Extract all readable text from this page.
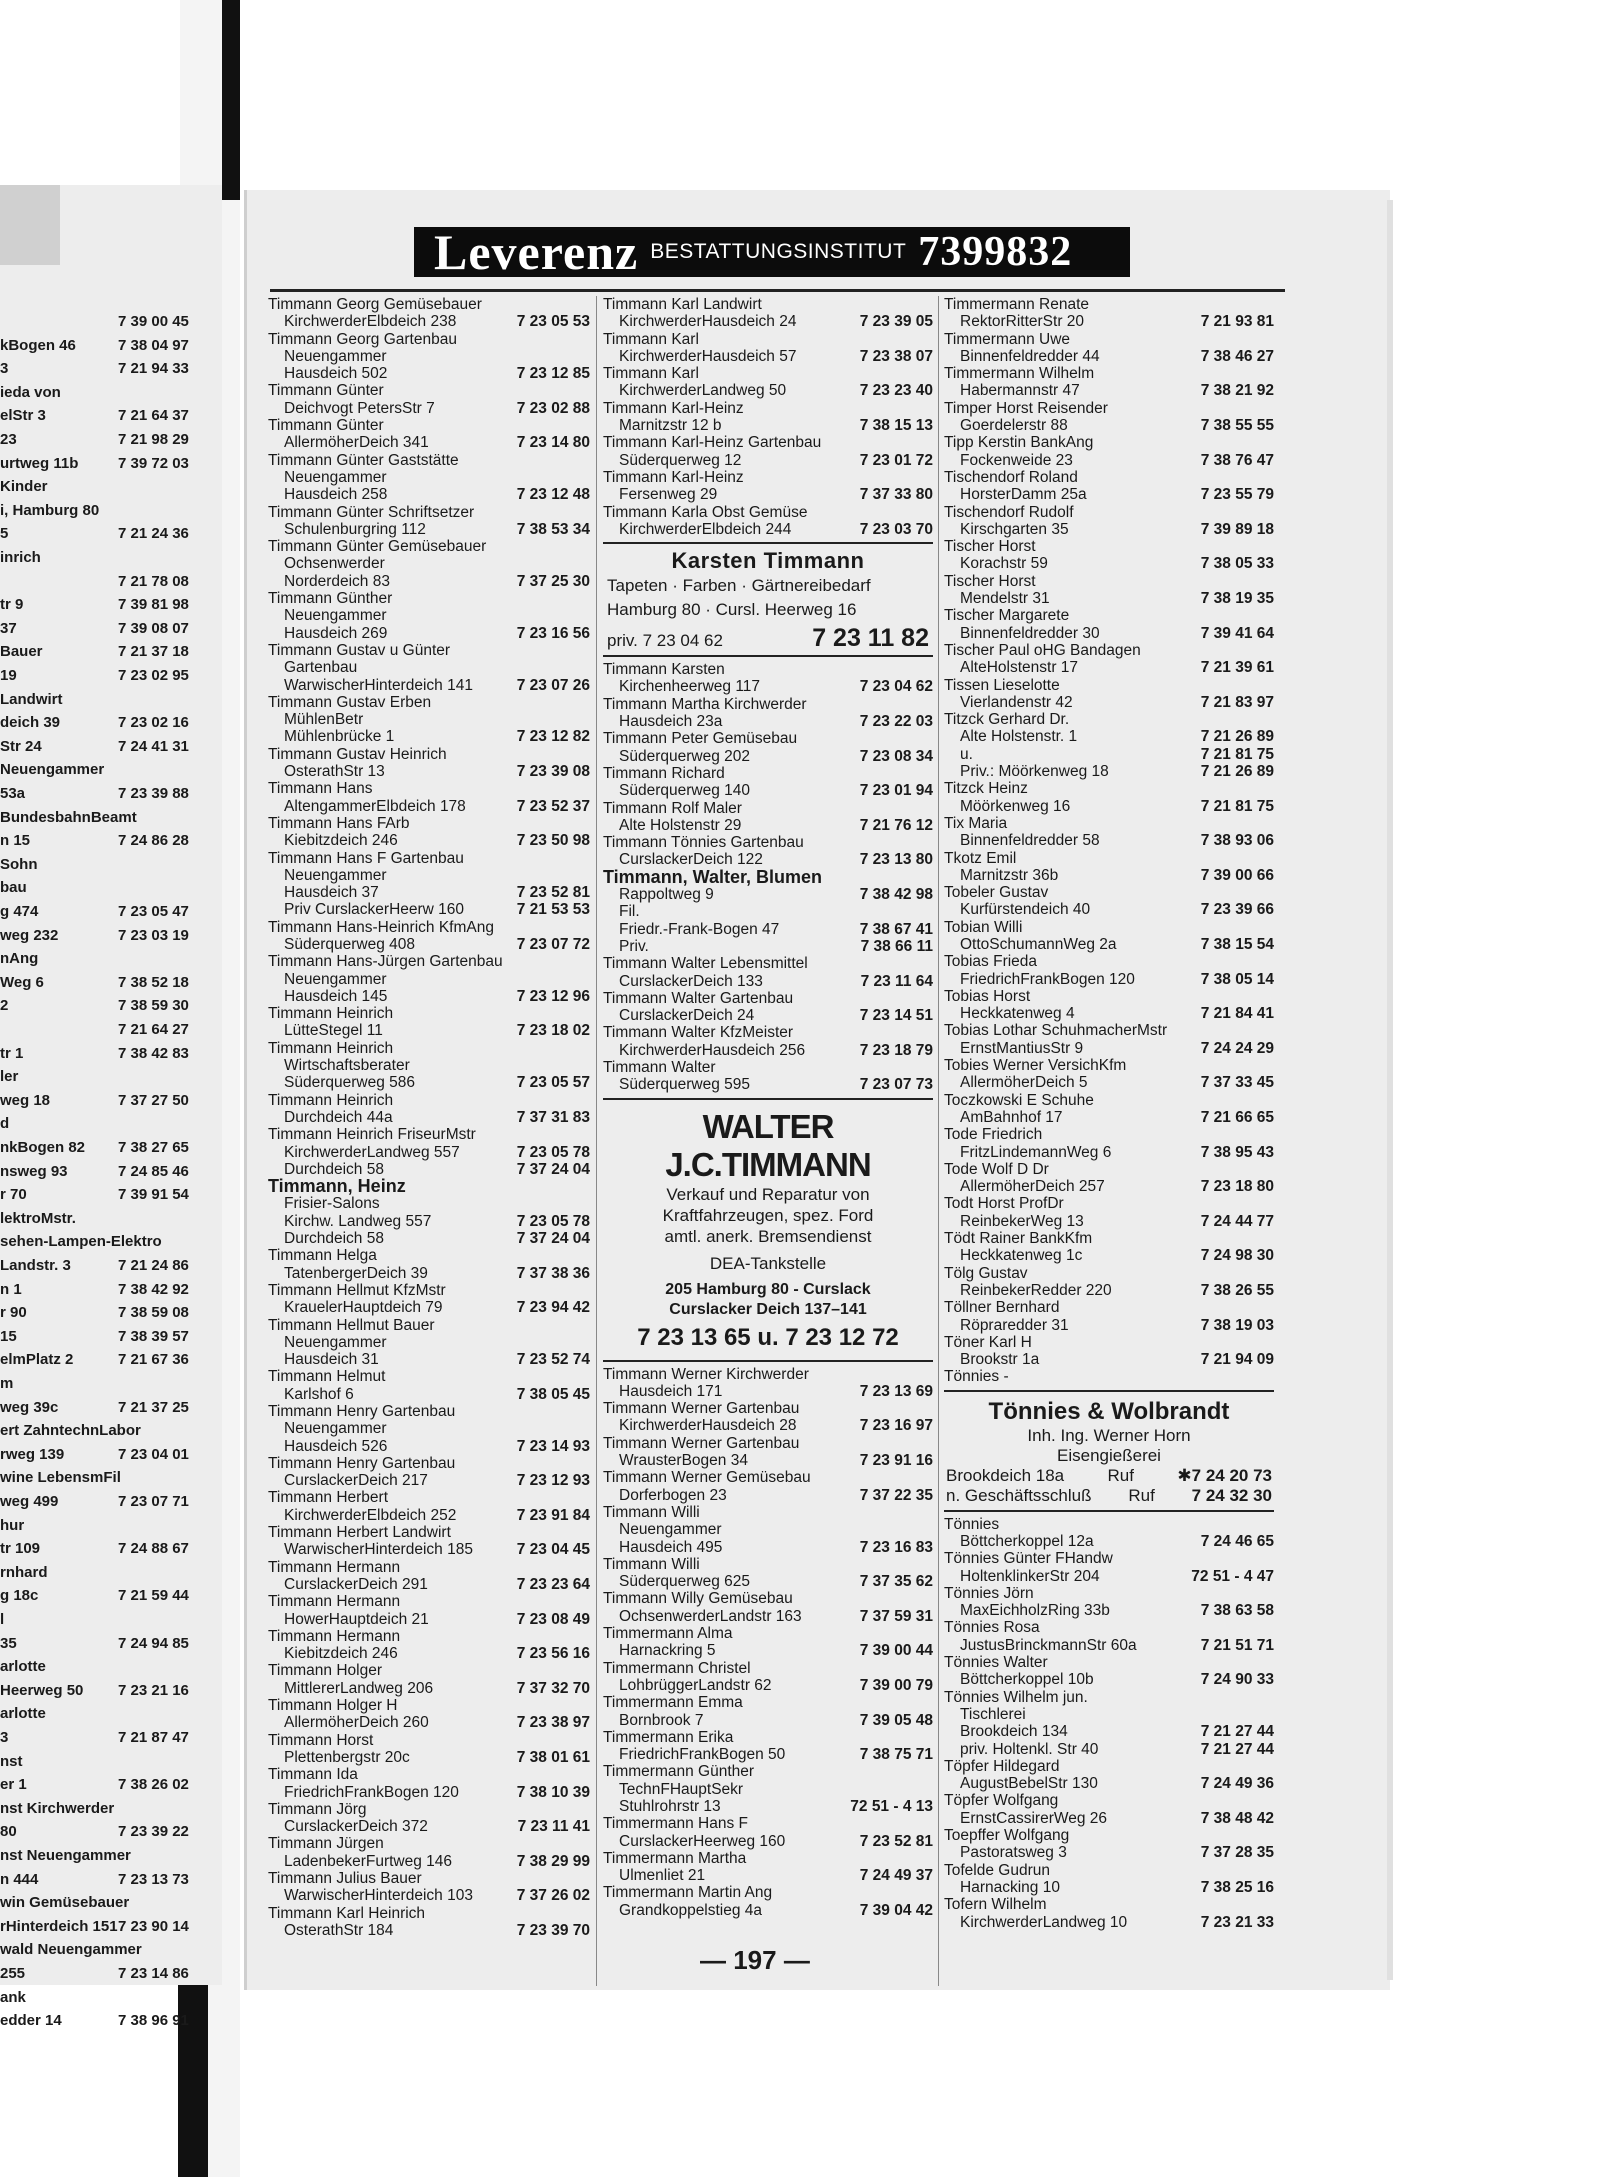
7 39 00 45
kBogen 46	7 38 04 97
3	7 21 94 33
ieda von
elStr 3	7 21 64 37
23	7 21 98 29
urtweg 11b	7 39 72 03
Kinder
i, Hamburg 80
5	7 21 24 36
inrich
7 21 78 08
tr 9	7 39 81 98
37	7 39 08 07
Bauer	7 21 37 18
19	7 23 02 95
Landwirt
deich 39	7 23 02 16
Str 24	7 24 41 31
Neuengammer
53a	7 23 39 88
BundesbahnBeamt
n 15	7 24 86 28
Sohn
bau
g 474	7 23 05 47
weg 232	7 23 03 19
nAng
Weg 6	7 38 52 18
2	7 38 59 30
7 21 64 27
tr 1	7 38 42 83
ler
weg 18	7 37 27 50
d
nkBogen 82 7 38 27 65
nsweg 93	7 24 85 46
r 70	7 39 91 54
lektroMstr.
sehen-Lampen-Elektro
Landstr. 3	7 21 24 86
n 1	7 38 42 92
r 90	7 38 59 08
15	7 38 39 57
elmPlatz 2	7 21 67 36
m
weg 39c	7 21 37 25
ert ZahntechnLabor
rweg 139	7 23 04 01
wine LebensmFil
weg 499	7 23 07 71
hur
tr 109	7 24 88 67
rnhard
g 18c	7 21 59 44
l
35	7 24 94 85
arlotte
Heerweg 50 7 23 21 16
arlotte
3	7 21 87 47
nst
er 1	7 38 26 02
nst Kirchwerder
80	7 23 39 22
nst Neuengammer
n 444	7 23 13 73
win Gemüsebauer
rHinterdeich 151 7 23 90 14
wald Neuengammer
255	7 23 14 86
ank
edder 14	7 38 96 91
Leverenz BESTATTUNGSINSTITUT 7399832
Timmann Georg Gemüsebauer
KirchwerderElbdeich 238	7 23 05 53
Timmann Georg Gartenbau
Neuengammer
Hausdeich 502	7 23 12 85
Timmann Günter
Deichvogt PetersStr 7	7 23 02 88
Timmann Günter
AllermöherDeich 341	7 23 14 80
Timmann Günter Gaststätte
Neuengammer
Hausdeich 258	7 23 12 48
Timmann Günter Schriftsetzer
Schulenburgring 112	7 38 53 34
Timmann Günter Gemüsebauer
Ochsenwerder
Norderdeich 83	7 37 25 30
Timmann Günther
Neuengammer
Hausdeich 269	7 23 16 56
Timmann Gustav u Günter
Gartenbau
WarwischerHinterdeich 141	7 23 07 26
Timmann Gustav Erben
MühlenBetr
Mühlenbrücke 1	7 23 12 82
Timmann Gustav Heinrich
OsterathStr 13	7 23 39 08
Timmann Hans
AltengammerElbdeich 178	7 23 52 37
Timmann Hans FArb
Kiebitzdeich 246	7 23 50 98
Timmann Hans F Gartenbau
Neuengammer
Hausdeich 37	7 23 52 81
Priv CurslackerHeerw 160	7 21 53 53
Timmann Hans-Heinrich KfmAng
Süderquerweg 408	7 23 07 72
Timmann Hans-Jürgen Gartenbau
Neuengammer
Hausdeich 145	7 23 12 96
Timmann Heinrich
LütteStegel 11	7 23 18 02
Timmann Heinrich
Wirtschaftsberater
Süderquerweg 586	7 23 05 57
Timmann Heinrich
Durchdeich 44a	7 37 31 83
Timmann Heinrich FriseurMstr
KirchwerderLandweg 557	7 23 05 78
Durchdeich 58	7 37 24 04
Timmann, Heinz
Frisier-Salons
Kirchw. Landweg 557	7 23 05 78
Durchdeich 58	7 37 24 04
Timmann Helga
TatenbergerDeich 39	7 37 38 36
Timmann Hellmut KfzMstr
KrauelerHauptdeich 79	7 23 94 42
Timmann Hellmut Bauer
Neuengammer
Hausdeich 31	7 23 52 74
Timmann Helmut
Karlshof 6	7 38 05 45
Timmann Henry Gartenbau
Neuengammer
Hausdeich 526	7 23 14 93
Timmann Henry Gartenbau
CurslackerDeich 217	7 23 12 93
Timmann Herbert
KirchwerderElbdeich 252	7 23 91 84
Timmann Herbert Landwirt
WarwischerHinterdeich 185	7 23 04 45
Timmann Hermann
CurslackerDeich 291	7 23 23 64
Timmann Hermann
HowerHauptdeich 21	7 23 08 49
Timmann Hermann
Kiebitzdeich 246	7 23 56 16
Timmann Holger
MittlererLandweg 206	7 37 32 70
Timmann Holger H
AllermöherDeich 260	7 23 38 97
Timmann Horst
Plettenbergstr 20c	7 38 01 61
Timmann Ida
FriedrichFrankBogen 120	7 38 10 39
Timmann Jörg
CurslackerDeich 372	7 23 11 41
Timmann Jürgen
LadenbekerFurtweg 146	7 38 29 99
Timmann Julius Bauer
WarwischerHinterdeich 103	7 37 26 02
Timmann Karl Heinrich
OsterathStr 184	7 23 39 70
Timmann Karl Landwirt
KirchwerderHausdeich 24	7 23 39 05
Timmann Karl
KirchwerderHausdeich 57	7 23 38 07
Timmann Karl
KirchwerderLandweg 50	7 23 23 40
Timmann Karl-Heinz
Marnitzstr 12 b	7 38 15 13
Timmann Karl-Heinz Gartenbau
Süderquerweg 12	7 23 01 72
Timmann Karl-Heinz
Fersenweg 29	7 37 33 80
Timmann Karla Obst Gemüse
KirchwerderElbdeich 244	7 23 03 70
Karsten Timmann
Tapeten · Farben · Gärtnereibedarf
Hamburg 80 · Cursl. Heerweg 16
priv. 7 23 04 62	7 23 11 82
Timmann Karsten
Kirchenheerweg 117	7 23 04 62
Timmann Martha Kirchwerder
Hausdeich 23a	7 23 22 03
Timmann Peter Gemüsebau
Süderquerweg 202	7 23 08 34
Timmann Richard
Süderquerweg 140	7 23 01 94
Timmann Rolf Maler
Alte Holstenstr 29	7 21 76 12
Timmann Tönnies Gartenbau
CurslackerDeich 122	7 23 13 80
Timmann, Walter, Blumen
Rappoltweg 9	7 38 42 98
Fil.
Friedr.-Frank-Bogen 47	7 38 67 41
Priv.	7 38 66 11
Timmann Walter Lebensmittel
CurslackerDeich 133	7 23 11 64
Timmann Walter Gartenbau
CurslackerDeich 24	7 23 14 51
Timmann Walter KfzMeister
KirchwerderHausdeich 256	7 23 18 79
Timmann Walter
Süderquerweg 595	7 23 07 73
WALTER J.C.TIMMANN
Verkauf und Reparatur von
Kraftfahrzeugen, spez. Ford
amtl. anerk. Bremsendienst
DEA-Tankstelle
205 Hamburg 80 - Curslack
Curslacker Deich 137–141
7 23 13 65 u. 7 23 12 72
Timmann Werner Kirchwerder
Hausdeich 171	7 23 13 69
Timmann Werner Gartenbau
KirchwerderHausdeich 28	7 23 16 97
Timmann Werner Gartenbau
WrausterBogen 34	7 23 91 16
Timmann Werner Gemüsebau
Dorferbogen 23	7 37 22 35
Timmann Willi
Neuengammer
Hausdeich 495	7 23 16 83
Timmann Willi
Süderquerweg 625	7 37 35 62
Timmann Willy Gemüsebau
OchsenwerderLandstr 163	7 37 59 31
Timmermann Alma
Harnackring 5	7 39 00 44
Timmermann Christel
LohbrüggerLandstr 62	7 39 00 79
Timmermann Emma
Bornbrook 7	7 39 05 48
Timmermann Erika
FriedrichFrankBogen 50	7 38 75 71
Timmermann Günther
TechnFHauptSekr
Stuhlrohrstr 13	72 51 - 4 13
Timmermann Hans F
CurslackerHeerweg 160	7 23 52 81
Timmermann Martha
Ulmenliet 21	7 24 49 37
Timmermann Martin Ang
Grandkoppelstieg 4a	7 39 04 42
Timmermann Renate
RektorRitterStr 20	7 21 93 81
Timmermann Uwe
Binnenfeldredder 44	7 38 46 27
Timmermann Wilhelm
Habermannstr 47	7 38 21 92
Timper Horst Reisender
Goerdelerstr 88	7 38 55 55
Tipp Kerstin BankAng
Fockenweide 23	7 38 76 47
Tischendorf Roland
HorsterDamm 25a	7 23 55 79
Tischendorf Rudolf
Kirschgarten 35	7 39 89 18
Tischer Horst
Korachstr 59	7 38 05 33
Tischer Horst
Mendelstr 31	7 38 19 35
Tischer Margarete
Binnenfeldredder 30	7 39 41 64
Tischer Paul oHG Bandagen
AlteHolstenstr 17	7 21 39 61
Tissen Lieselotte
Vierlandenstr 42	7 21 83 97
Titzck Gerhard Dr.
Alte Holstenstr. 1	7 21 26 89
u.	7 21 81 75
Priv.: Möörkenweg 18	7 21 26 89
Titzck Heinz
Möörkenweg 16	7 21 81 75
Tix Maria
Binnenfeldredder 58	7 38 93 06
Tkotz Emil
Marnitzstr 36b	7 39 00 66
Tobeler Gustav
Kurfürstendeich 40	7 23 39 66
Tobian Willi
OttoSchumannWeg 2a	7 38 15 54
Tobias Frieda
FriedrichFrankBogen 120	7 38 05 14
Tobias Horst
Heckkatenweg 4	7 21 84 41
Tobias Lothar SchuhmacherMstr
ErnstMantiusStr 9	7 24 24 29
Tobies Werner VersichKfm
AllermöherDeich 5	7 37 33 45
Toczkowski E Schuhe
AmBahnhof 17	7 21 66 65
Tode Friedrich
FritzLindemannWeg 6	7 38 95 43
Tode Wolf D Dr
AllermöherDeich 257	7 23 18 80
Todt Horst ProfDr
ReinbekerWeg 13	7 24 44 77
Tödt Rainer BankKfm
Heckkatenweg 1c	7 24 98 30
Tölg Gustav
ReinbekerRedder 220	7 38 26 55
Töllner Bernhard
Röpraredder 31	7 38 19 03
Töner Karl H
Brookstr 1a	7 21 94 09
Tönnies -
Tönnies & Wolbrandt
Inh. Ing. Werner Horn
Eisengießerei
Brookdeich 18a	Ruf	✱7 24 20 73
n. Geschäftsschluß Ruf 7 24 32 30
Tönnies
Böttcherkoppel 12a	7 24 46 65
Tönnies Günter FHandw
HoltenklinkerStr 204	72 51 - 4 47
Tönnies Jörn
MaxEichholzRing 33b	7 38 63 58
Tönnies Rosa
JustusBrinckmannStr 60a	7 21 51 71
Tönnies Walter
Böttcherkoppel 10b	7 24 90 33
Tönnies Wilhelm jun.
Tischlerei
Brookdeich 134	7 21 27 44
priv. Holtenkl. Str 40	7 21 27 44
Töpfer Hildegard
AugustBebelStr 130	7 24 49 36
Töpfer Wolfgang
ErnstCassirerWeg 26	7 38 48 42
Toepffer Wolfgang
Pastoratsweg 3	7 37 28 35
Tofelde Gudrun
Harnacking 10	7 38 25 16
Tofern Wilhelm
KirchwerderLandweg 10	7 23 21 33
— 197 —
